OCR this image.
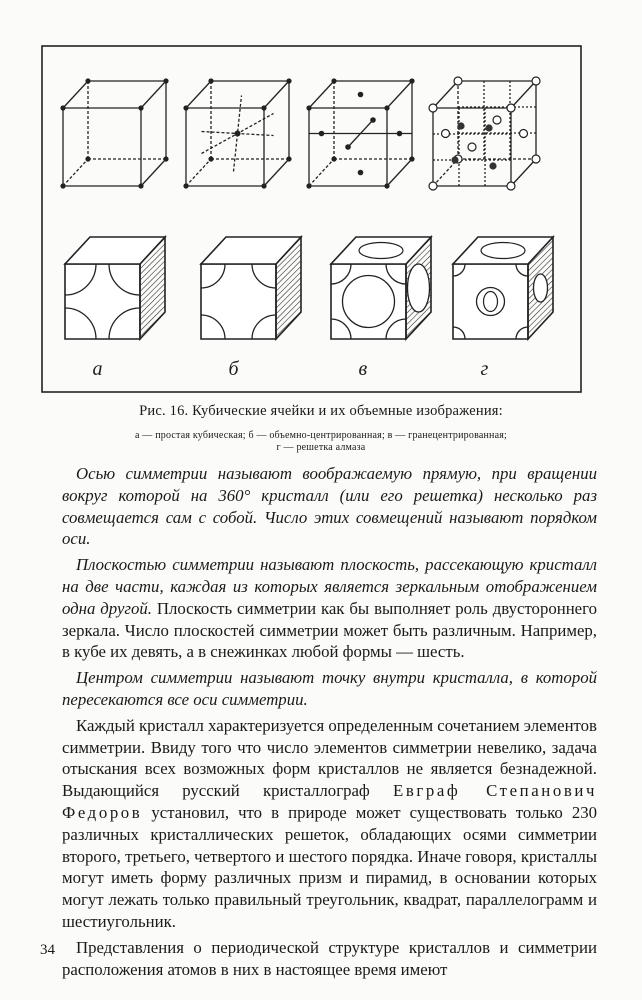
а	б	в	г
Рис. 16. Кубические ячейки и их объемные изображения:
а — простая кубическая; б — объемно-центрированная; в — гранецентрированная;
г — решетка алмаза

Осью симметрии называют воображаемую прямую, при вращении вокруг которой на 360° кристалл (или его решетка) несколько раз совмещается сам с собой. Число этих совмещений называют порядком оси.

Плоскостью симметрии называют плоскость, рассекающую кристалл на две части, каждая из которых является зеркальным отображением одна другой. Плоскость симметрии как бы выполняет роль двустороннего зеркала. Число плоскостей симметрии может быть различным. Например, в кубе их девять, а в снежинках любой формы — шесть.

Центром симметрии называют точку внутри кристалла, в которой пересекаются все оси симметрии.

Каждый кристалл характеризуется определенным сочетанием элементов симметрии. Ввиду того что число элементов симметрии невелико, задача отыскания всех возможных форм кристаллов не является безнадежной. Выдающийся русский кристаллограф Евграф Степанович Федоров установил, что в природе может существовать только 230 различных кристаллических решеток, обладающих осями симметрии второго, третьего, четвертого и шестого порядка. Иначе говоря, кристаллы могут иметь форму различных призм и пирамид, в основании которых могут лежать только правильный треугольник, квадрат, параллелограмм и шестиугольник.

Представления о периодической структуре кристаллов и симметрии расположения атомов в них в настоящее время имеют

34
